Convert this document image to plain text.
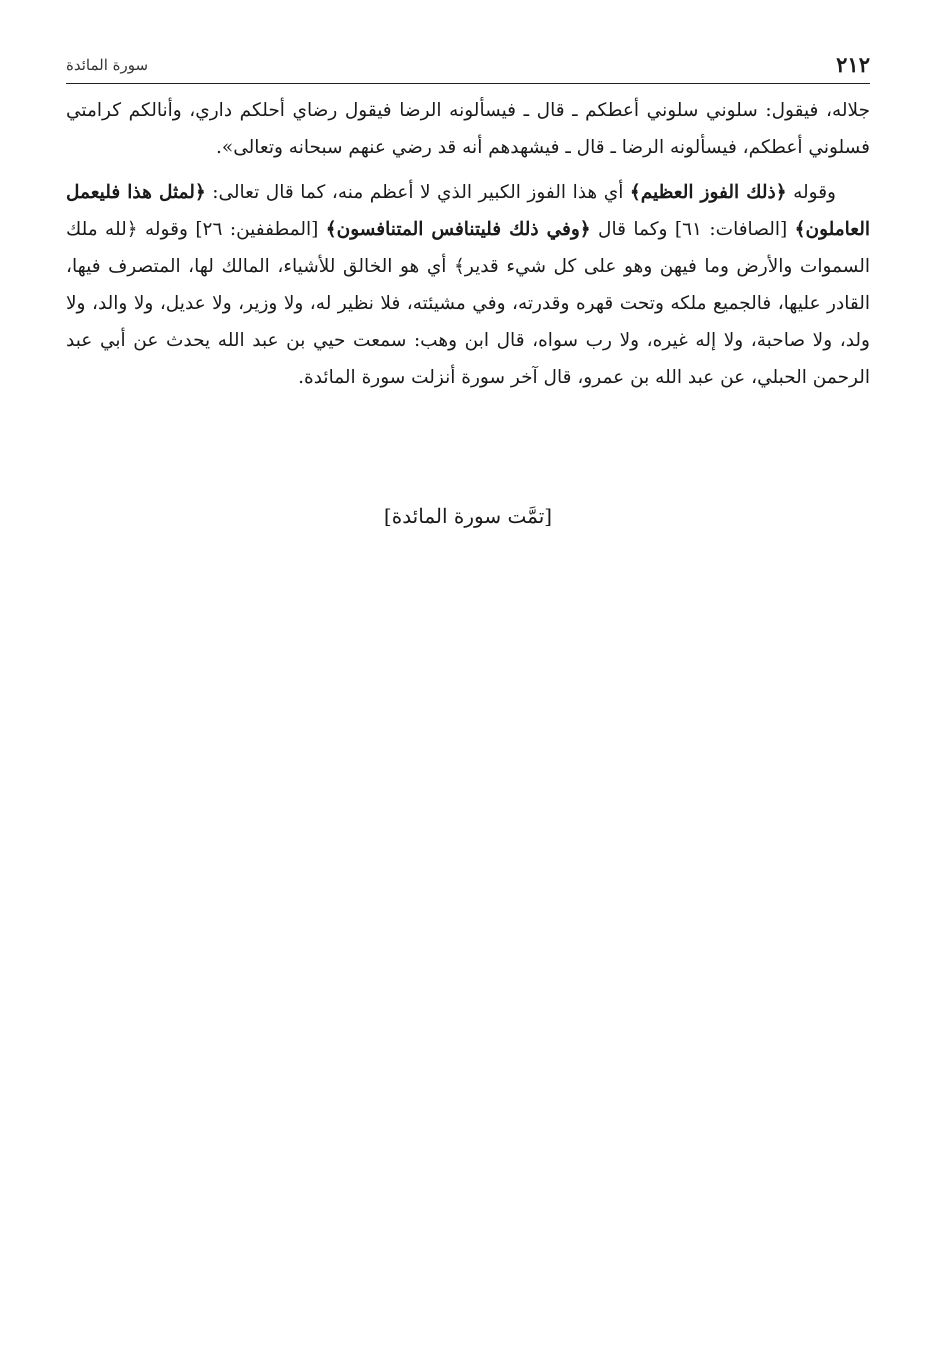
٢١٢
سورة المائدة

جلاله، فيقول: سلوني سلوني أعطكم ـ قال ـ فيسألونه الرضا فيقول رضاي أحلكم داري، وأنالكم كرامتي فسلوني أعطكم، فيسألونه الرضا ـ قال ـ فيشهدهم أنه قد رضي عنهم سبحانه وتعالى».

وقوله ﴿ذلك الفوز العظيم﴾ أي هذا الفوز الكبير الذي لا أعظم منه، كما قال تعالى: ﴿لمثل هذا فليعمل العاملون﴾ [الصافات: ٦١] وكما قال ﴿وفي ذلك فليتنافس المتنافسون﴾ [المطففين: ٢٦] وقوله ﴿لله ملك السموات والأرض وما فيهن وهو على كل شيء قدير﴾ أي هو الخالق للأشياء، المالك لها، المتصرف فيها، القادر عليها، فالجميع ملكه وتحت قهره وقدرته، وفي مشيئته، فلا نظير له، ولا وزير، ولا عديل، ولا والد، ولا ولد، ولا صاحبة، ولا إله غيره، ولا رب سواه، قال ابن وهب: سمعت حيي بن عبد الله يحدث عن أبي عبد الرحمن الحبلي، عن عبد الله بن عمرو، قال آخر سورة أنزلت سورة المائدة.

[تمَّت سورة المائدة]
